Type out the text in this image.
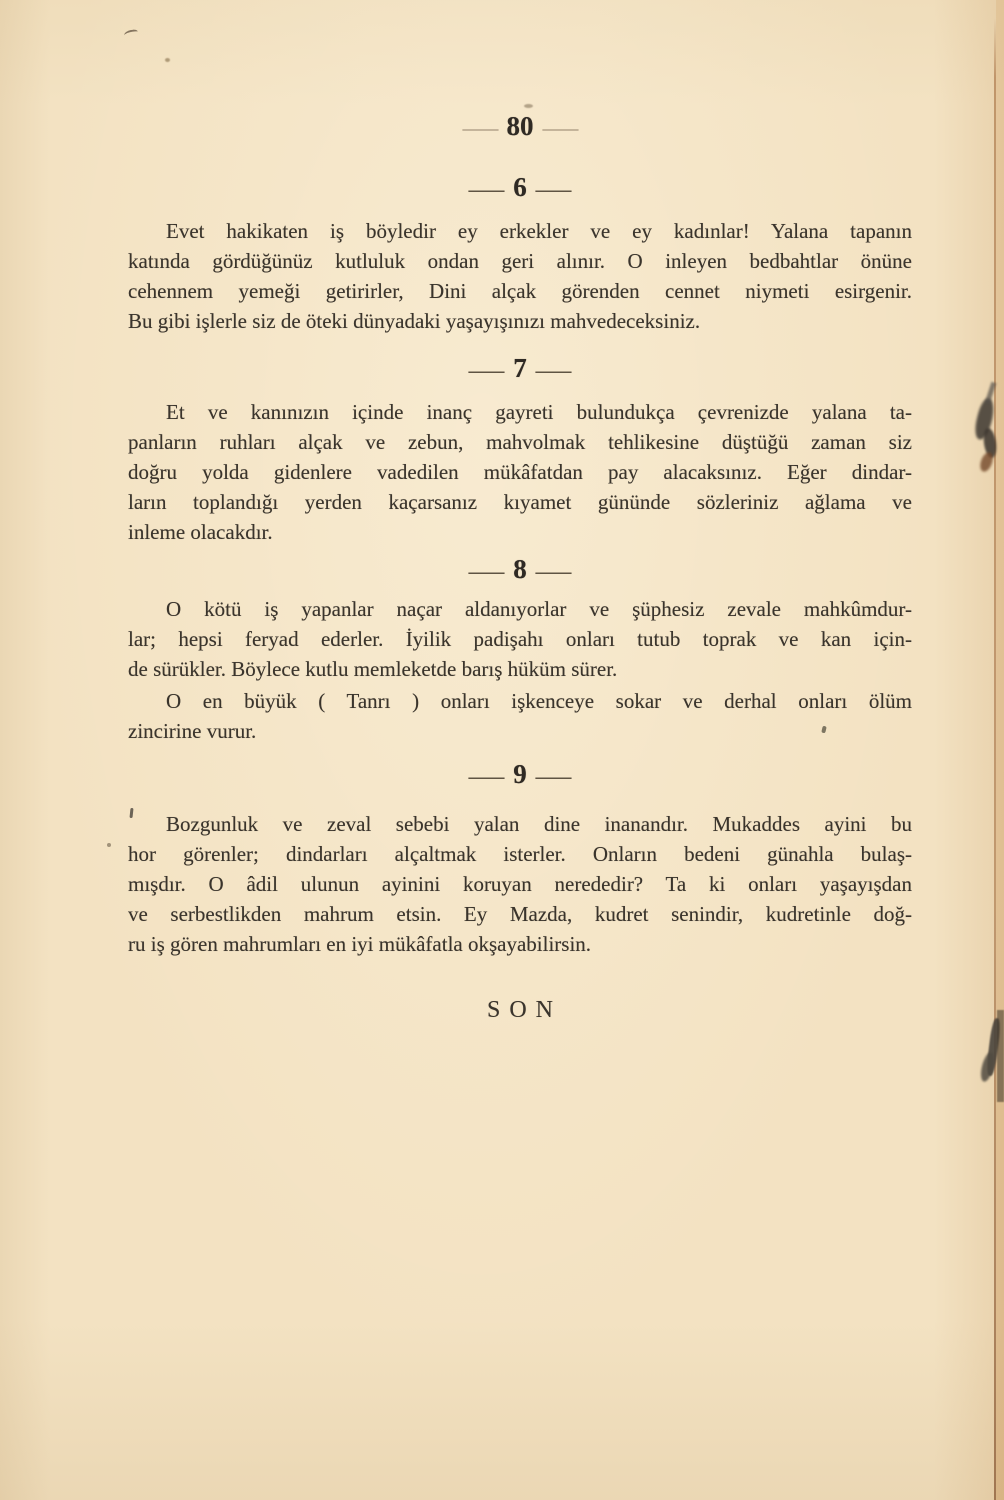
— 80 —
— 6 —
Evet hakikaten iş böyledir ey erkekler ve ey kadınlar! Yalana tapanın
katında gördüğünüz kutluluk ondan geri alınır. O inleyen bedbahtlar önüne
cehennem yemeği getirirler, Dini alçak görenden cennet niymeti esirgenir.
Bu gibi işlerle siz de öteki dünyadaki yaşayışınızı mahvedeceksiniz.
— 7 —
Et ve kanınızın içinde inanç gayreti bulundukça çevrenizde yalana ta-
panların ruhları alçak ve zebun, mahvolmak tehlikesine düştüğü zaman siz
doğru yolda gidenlere vadedilen mükâfatdan pay alacaksınız. Eğer dindar-
ların toplandığı yerden kaçarsanız kıyamet gününde sözleriniz ağlama ve
inleme olacakdır.
— 8 —
O kötü iş yapanlar naçar aldanıyorlar ve şüphesiz zevale mahkûmdur-
lar; hepsi feryad ederler. İyilik padişahı onları tutub toprak ve kan için-
de sürükler. Böylece kutlu memleketde barış hüküm sürer.
O en büyük ( Tanrı ) onları işkenceye sokar ve derhal onları ölüm
zincirine vurur.
— 9 —
Bozgunluk ve zeval sebebi yalan dine inanandır. Mukaddes ayini bu
hor görenler; dindarları alçaltmak isterler. Onların bedeni günahla bulaş-
mışdır. O âdil ulunun ayinini koruyan nerededir? Ta ki onları yaşayışdan
ve serbestlikden mahrum etsin. Ey Mazda, kudret senindir, kudretinle doğ-
ru iş gören mahrumları en iyi mükâfatla okşayabilirsin.
SON
